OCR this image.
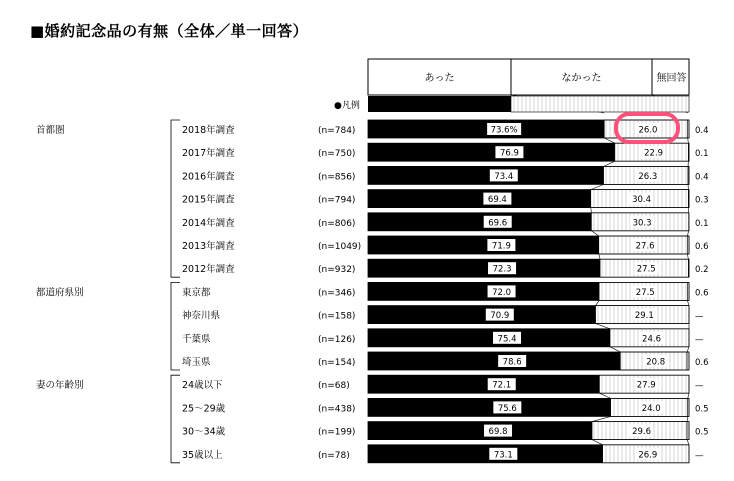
■婚約記念品の有無（全体／単一回答）
あった	なかった	無回答
●凡例
2018年調査	(n=784)	73.6%	26.0	0.4
2017年調査	(n=750)	76.9	22.9	0.1
2016年調査	(n=856)	73.4	26.3	0.4
2015年調査	(n=794)	69.4	30.4	0.3
2014年調査	(n=806)	69.6	30.3	0.1
2013年調査	(n=1049)	71.9	27.6	0.6
2012年調査	(n=932)	72.3	27.5	0.2
首都圏
東京都	(n=346)	72.0	27.5	0.6
神奈川県	(n=158)	70.9	29.1	—
千葉県	(n=126)	75.4	24.6	—
埼玉県	(n=154)	78.6	20.8	0.6
都道府県別
24歳以下	(n=68)	72.1	27.9	—
25〜29歳	(n=438)	75.6	24.0	0.5
30〜34歳	(n=199)	69.8	29.6	0.5
35歳以上	(n=78)	73.1	26.9	—
妻の年齢別
